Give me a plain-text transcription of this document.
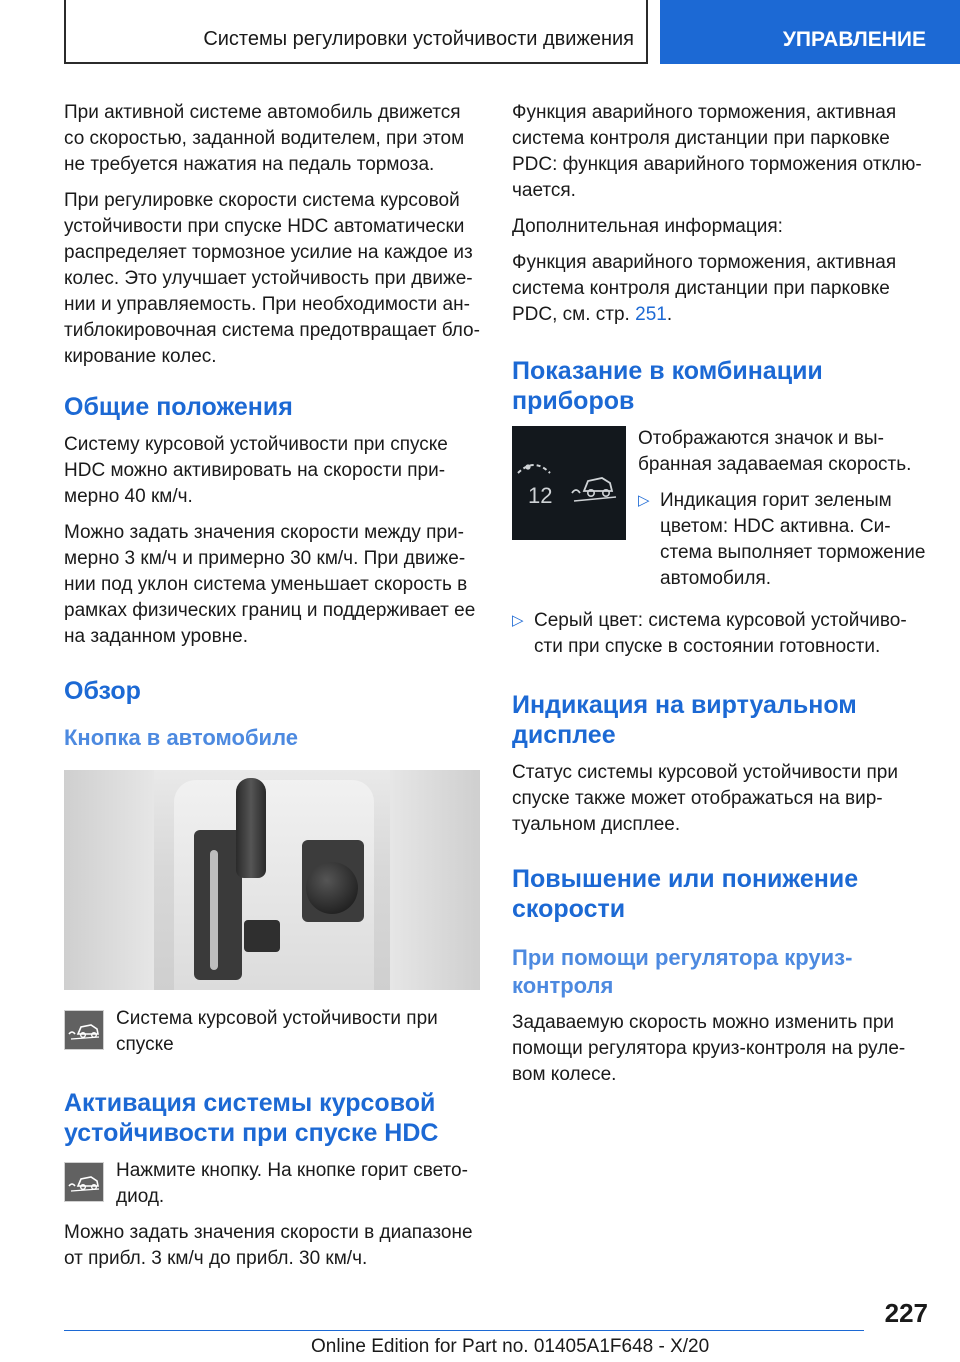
Системы регулировки устойчивости движения	УПРАВЛЕНИЕ

При активной системе автомобиль движется со скоростью, заданной водителем, при этом не требуется нажатия на педаль тормоза.

При регулировке скорости система курсовой устойчивости при спуске HDC автоматически распределяет тормозное усилие на каждое из колес. Это улучшает устойчивость при движении и управляемость. При необходимости антиблокировочная система предотвращает блокирование колес.

Общие положения

Систему курсовой устойчивости при спуске HDC можно активировать на скорости примерно 40 км/ч.

Можно задать значения скорости между примерно 3 км/ч и примерно 30 км/ч. При движении под уклон система уменьшает скорость в рамках физических границ и поддерживает ее на заданном уровне.

Обзор
Кнопка в автомобиле

Система курсовой устойчивости при спуске

Активация системы курсовой устойчивости при спуске HDC

Нажмите кнопку. На кнопке горит светодиод.

Можно задать значения скорости в диапазоне от прибл. 3 км/ч до прибл. 30 км/ч.

Функция аварийного торможения, активная система контроля дистанции при парковке PDC: функция аварийного торможения отключается.

Дополнительная информация:

Функция аварийного торможения, активная система контроля дистанции при парковке PDC, см. стр. 251.

Показание в комбинации приборов
12

Отображаются значок и выбранная задаваемая скорость.

▷ Индикация горит зеленым цветом: HDC активна. Система выполняет торможение автомобиля.

▷ Серый цвет: система курсовой устойчивости при спуске в состоянии готовности.

Индикация на виртуальном дисплее

Статус системы курсовой устойчивости при спуске также может отображаться на виртуальном дисплее.

Повышение или понижение скорости
При помощи регулятора круиз-контроля

Задаваемую скорость можно изменить при помощи регулятора круиз-контроля на рулевом колесе.

227
Online Edition for Part no. 01405A1F648 - X/20
